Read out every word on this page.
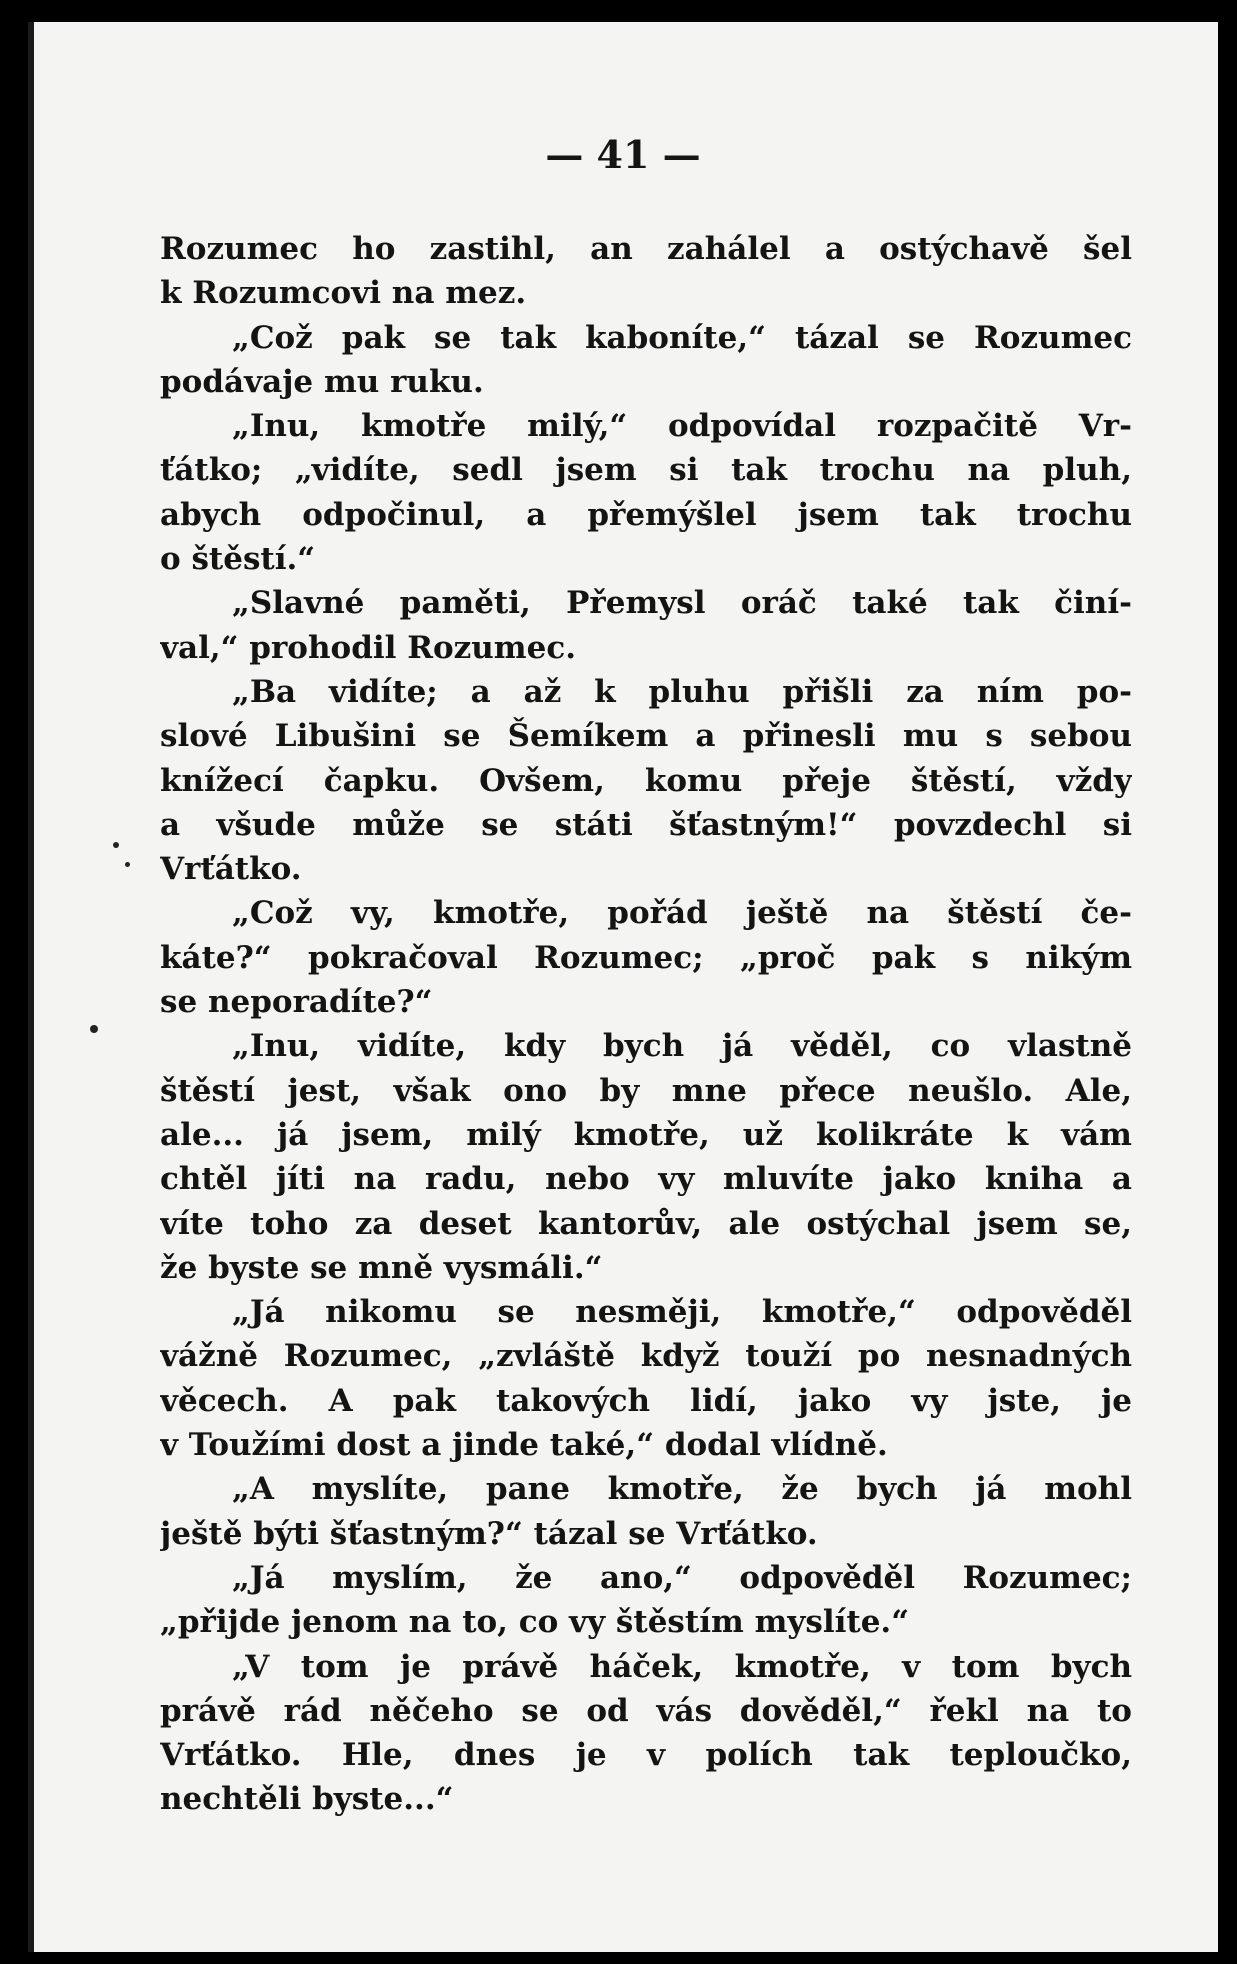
— 41 —
Rozumec ho zastihl, an zahálel a ostýchavě šel
k Rozumcovi na mez.
„Což pak se tak kaboníte,“ tázal se Rozumec
podávaje mu ruku.
„Inu, kmotře milý,“ odpovídal rozpačitě Vr-
ťátko; „vidíte, sedl jsem si tak trochu na pluh,
abych odpočinul, a přemýšlel jsem tak trochu
o štěstí.“
„Slavné paměti, Přemysl oráč také tak činí-
val,“ prohodil Rozumec.
„Ba vidíte; a až k pluhu přišli za ním po-
slové Libušini se Šemíkem a přinesli mu s sebou
knížecí čapku. Ovšem, komu přeje štěstí, vždy
a všude může se státi šťastným!“ povzdechl si
Vrťátko.
„Což vy, kmotře, pořád ještě na štěstí če-
káte?“ pokračoval Rozumec; „proč pak s nikým
se neporadíte?“
„Inu, vidíte, kdy bych já věděl, co vlastně
štěstí jest, však ono by mne přece neušlo. Ale,
ale... já jsem, milý kmotře, už kolikráte k vám
chtěl jíti na radu, nebo vy mluvíte jako kniha a
víte toho za deset kantorův, ale ostýchal jsem se,
že byste se mně vysmáli.“
„Já nikomu se nesměji, kmotře,“ odpověděl
vážně Rozumec, „zvláště když touží po nesnadných
věcech. A pak takových lidí, jako vy jste, je
v Toužími dost a jinde také,“ dodal vlídně.
„A myslíte, pane kmotře, že bych já mohl
ještě býti šťastným?“ tázal se Vrťátko.
„Já myslím, že ano,“ odpověděl Rozumec;
„přijde jenom na to, co vy štěstím myslíte.“
„V tom je právě háček, kmotře, v tom bych
právě rád něčeho se od vás dověděl,“ řekl na to
Vrťátko. Hle, dnes je v polích tak teploučko,
nechtěli byste...“
